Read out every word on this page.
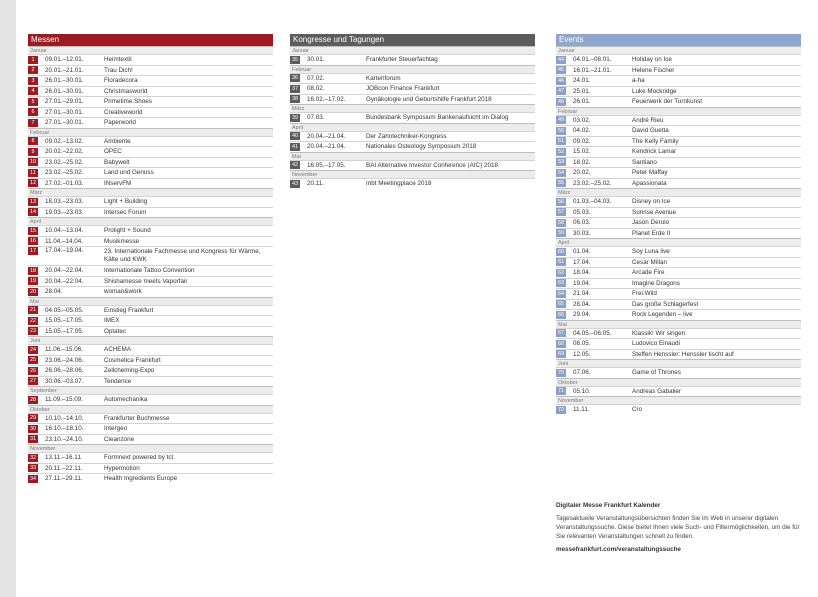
Messen
Januar
1	09.01.–12.01.	Heimtextil
2	20.01.–21.01.	Trau Dich!
3	26.01.–30.01.	Floradecora
4	26.01.–30.01.	Christmasworld
5	27.01.–29.01.	Primetime.Shoes
6	27.01.–30.01.	Creativeworld
7	27.01.–30.01.	Paperworld
Februar
8	09.02.–13.02.	Ambiente
9	20.02.–22.02.	OPEC
10	23.02.–25.02.	Babywelt
11	23.02.–25.02.	Land und Genuss
12	27.02.–01.03.	INservFM
März
13	18.03.–23.03.	Light + Building
14	19.03.–23.03.	Intersec Forum
April
15	10.04.–13.04.	Prolight + Sound
16	11.04.–14.04.	Musikmesse
17	17.04.–19.04.	23. Internationale Fachmesse und Kongress für Wärme, Kälte und KWK
18	20.04.–22.04.	Internationale Tattoo Convention
19	20.04.–22.04.	Shishamesse meets Vaporfair
20	28.04.	woman&work
Mai
21	04.05.–05.05.	Einstieg Frankfurt
22	15.05.–17.05.	IMEX
23	15.05.–17.05.	Optatec
Juni
24	11.06.–15.06.	ACHEMA
25	23.06.–24.06.	Cosmetica Frankfurt
26	26.06.–28.06.	Zellcheming-Expo
27	30.06.–03.07.	Tendence
September
28	11.09.–15.09.	Automechanika
Oktober
29	10.10.–14.10.	Frankfurter Buchmesse
30	16.10.–18.10.	Intergeo
31	23.10.–24.10.	Cleanzone
November
32	13.11.–16.11.	Formnext powered by tct
33	20.11.–22.11.	Hypermotion
34	27.11.–29.11.	Health Ingredients Europe
Kongresse und Tagungen
Januar
35	30.01.	Frankfurter Steuerfachtag
Februar
36	07.02.	Kartenforum
37	08.02.	JOBcon Finance Frankfurt
38	16.02.–17.02.	Gynäkologie und Geburtshilfe Frankfurt 2018
März
39	07.03.	Bundesbank Symposium Bankenaufsicht im Dialog
April
40	20.04.–21.04.	Der Zahntechniker-Kongress
41	20.04.–21.04.	Nationales Osteology Symposium 2018
Mai
42	16.05.–17.05.	BAI Alternative Investor Conference (AIC) 2018
November
43	20.11.	mbt Meetingplace 2018
Events
Januar
44	04.01.–08.01.	Holiday on Ice
45	16.01.–21.01.	Helene Fischer
46	24.01.	a-ha
47	25.01.	Luke Mockridge
48	26.01.	Feuerwerk der Turnkunst
Februar
49	03.02.	André Rieu
50	04.02.	David Guetta
51	09.02.	The Kelly Family
52	15.02.	Kendrick Lamar
53	18.02.	Santiano
54	20.02.	Peter Maffay
55	23.02.–25.02.	Apassionata
März
56	01.03.–04.03.	Disney on Ice
57	05.03.	Sunrise Avenue
58	06.03.	Jason Derulo
59	30.03.	Planet Erde II
April
60	01.04.	Soy Luna live
61	17.04.	Cesar Millan
62	18.04.	Arcade Fire
63	19.04.	Imagine Dragons
64	21.04.	Frei.Wild
65	28.04.	Das große Schlagerfest
66	29.04.	Rock Legenden – live
Mai
67	04.05.–06.05.	Klassik! Wir singen
68	08.05.	Ludovico Einaudi
69	12.05.	Steffen Henssler: Henssler tischt auf
Juni
70	07.06.	Game of Thrones
Oktober
71	05.10.	Andreas Gabalier
November
72	11.11.	Cro
Digitaler Messe Frankfurt Kalender
Tagesaktuelle Veranstaltungsübersichten finden Sie im Web in unserer digitalen Veranstaltungssuche. Diese bietet Ihnen viele Such- und Filtermöglichkeiten, um die für Sie relevanten Veranstaltungen schnell zu finden.
messefrankfurt.com/veranstaltungssuche
